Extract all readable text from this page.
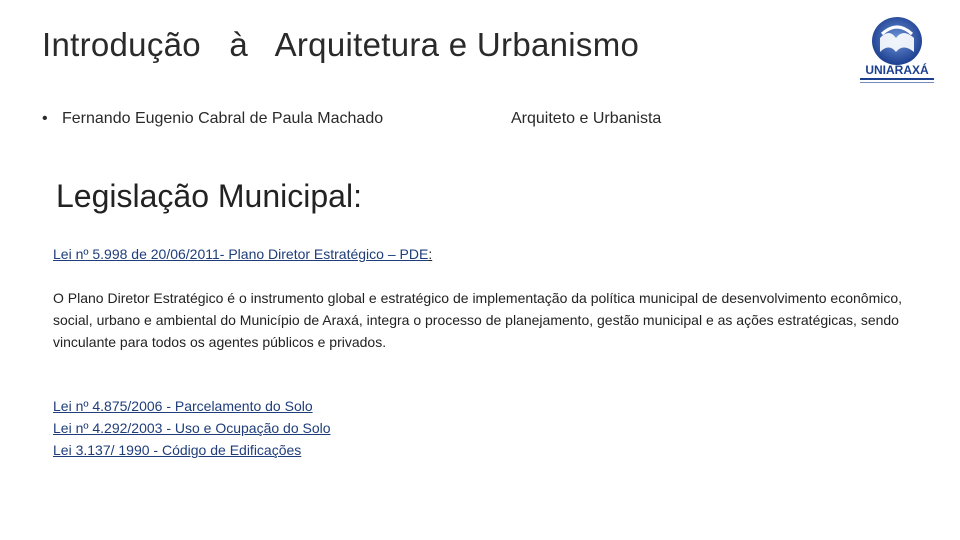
Introdução   à   Arquitetura e Urbanismo
UNIARAXÁ
• Fernando Eugenio Cabral de Paula Machado	Arquiteto e Urbanista
Legislação Municipal:
Lei nº 5.998 de 20/06/2011- Plano Diretor Estratégico – PDE:
O Plano Diretor Estratégico é o instrumento global e estratégico de implementação da política municipal de desenvolvimento econômico, social, urbano e ambiental do Município de Araxá, integra o processo de planejamento, gestão municipal e as ações estratégicas, sendo vinculante para todos os agentes públicos e privados.
Lei nº 4.875/2006 - Parcelamento do Solo
Lei nº 4.292/2003 - Uso e Ocupação do Solo
Lei 3.137/ 1990 - Código de Edificações
